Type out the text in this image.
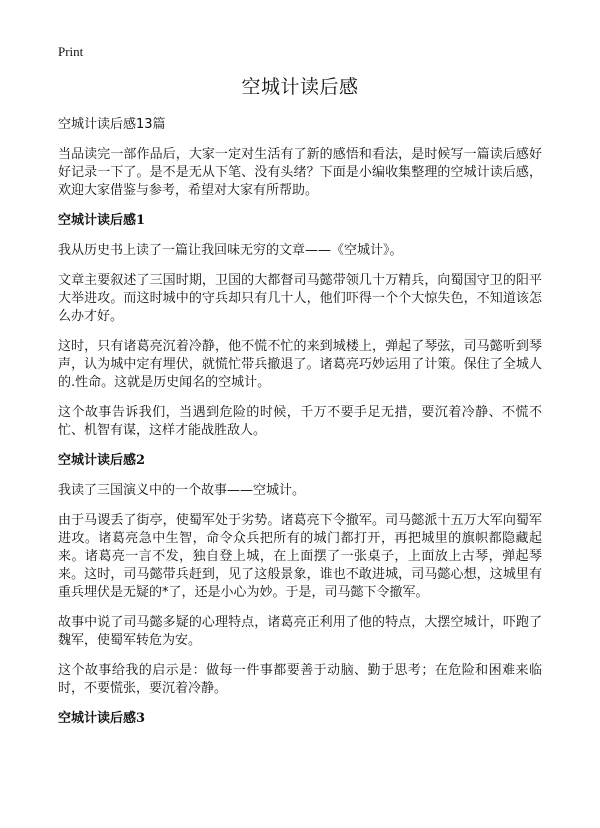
Print
空城计读后感
空城计读后感13篇

当品读完一部作品后，大家一定对生活有了新的感悟和看法，是时候写一篇读后感好好记录一下了。是不是无从下笔、没有头绪？下面是小编收集整理的空城计读后感，欢迎大家借鉴与参考，希望对大家有所帮助。

空城计读后感1

我从历史书上读了一篇让我回味无穷的文章——《空城计》。

文章主要叙述了三国时期，卫国的大都督司马懿带领几十万精兵，向蜀国守卫的阳平大举进攻。而这时城中的守兵却只有几十人，他们吓得一个个大惊失色，不知道该怎么办才好。

这时，只有诸葛亮沉着冷静，他不慌不忙的来到城楼上，弹起了琴弦，司马懿听到琴声，认为城中定有埋伏，就慌忙带兵撤退了。诸葛亮巧妙运用了计策。保住了全城人的.性命。这就是历史闻名的空城计。

这个故事告诉我们，当遇到危险的时候，千万不要手足无措，要沉着冷静、不慌不忙、机智有谋，这样才能战胜敌人。

空城计读后感2

我读了三国演义中的一个故事——空城计。

由于马谡丢了街亭，使蜀军处于劣势。诸葛亮下令撤军。司马懿派十五万大军向蜀军进攻。诸葛亮急中生智，命令众兵把所有的城门都打开，再把城里的旗帜都隐藏起来。诸葛亮一言不发，独自登上城，在上面摆了一张桌子，上面放上古琴，弹起琴来。这时，司马懿带兵赶到，见了这般景象，谁也不敢进城，司马懿心想，这城里有重兵埋伏是无疑的*了，还是小心为妙。于是，司马懿下令撤军。

故事中说了司马懿多疑的心理特点，诸葛亮正利用了他的特点，大摆空城计，吓跑了魏军，使蜀军转危为安。

这个故事给我的启示是：做每一件事都要善于动脑、勤于思考；在危险和困难来临时，不要慌张，要沉着冷静。

空城计读后感3
